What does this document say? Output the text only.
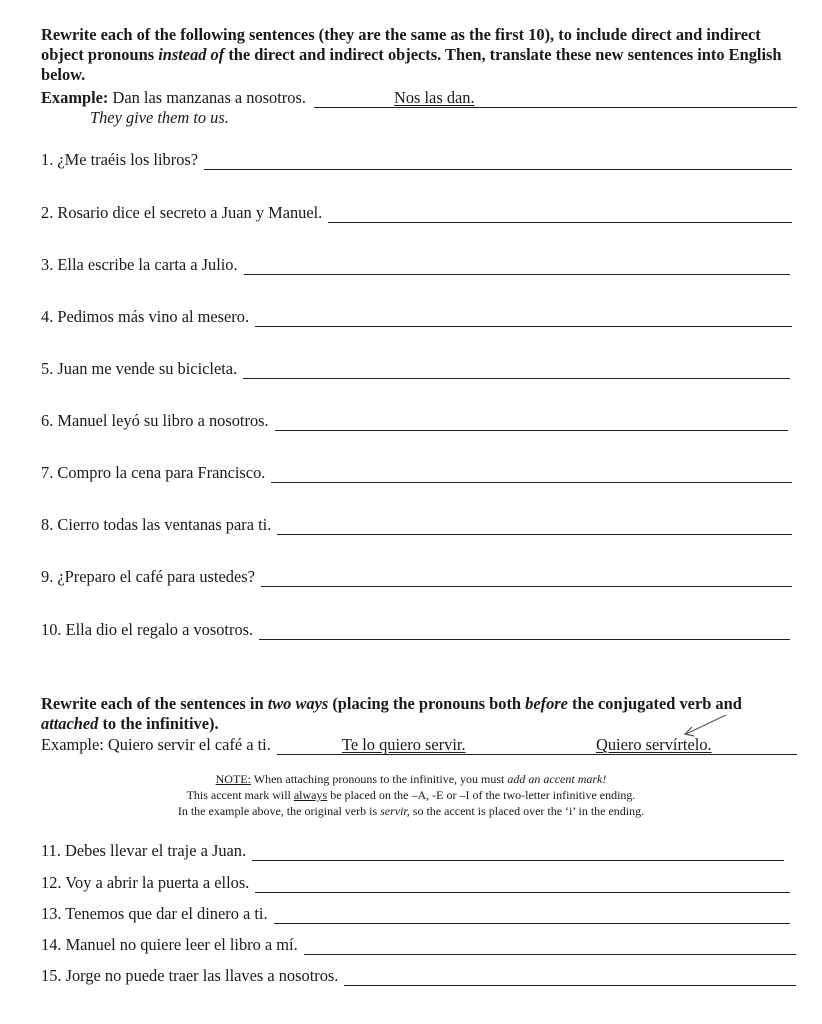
Rewrite each of the following sentences (they are the same as the first 10), to include direct and indirect object pronouns instead of the direct and indirect objects. Then, translate these new sentences into English below.
Example: Dan las manzanas a nosotros.	Nos las dan.
They give them to us.
1. ¿Me traéis los libros?
2. Rosario dice el secreto a Juan y Manuel.
3. Ella escribe la carta a Julio.
4. Pedimos más vino al mesero.
5. Juan me vende su bicicleta.
6. Manuel leyó su libro a nosotros.
7. Compro la cena para Francisco.
8. Cierro todas las ventanas para ti.
9. ¿Preparo el café para ustedes?
10. Ella dio el regalo a vosotros.
Rewrite each of the sentences in two ways (placing the pronouns both before the conjugated verb and attached to the infinitive).
Example: Quiero servir el café a ti.	Te lo quiero servir.	Quiero servírtelo.
NOTE: When attaching pronouns to the infinitive, you must add an accent mark!
This accent mark will always be placed on the –A, -E or –I of the two-letter infinitive ending.
In the example above, the original verb is servir, so the accent is placed over the ‘i’ in the ending.
11. Debes llevar el traje a Juan.
12. Voy a abrir la puerta a ellos.
13. Tenemos que dar el dinero a ti.
14. Manuel no quiere leer el libro a mí.
15. Jorge no puede traer las llaves a nosotros.
